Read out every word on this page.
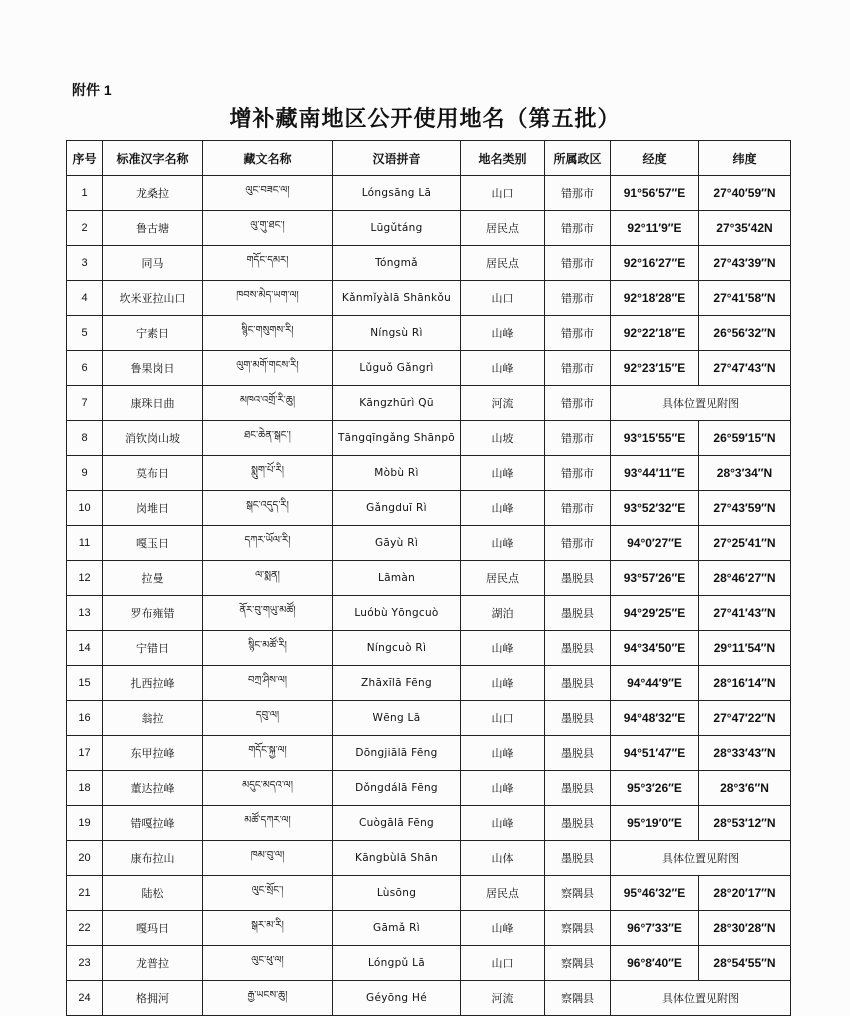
附件 1
增补藏南地区公开使用地名（第五批）
序号	标准汉字名称	藏文名称	汉语拼音	地名类别	所属政区	经度	纬度
1	龙桑拉	ལུང་བཟང་ལ།	Lóngsāng Lā	山口	错那市	91°56′57″E	27°40′59″N
2	鲁古塘	ལུ་གུ་ཐང་།	Lūgǔtáng	居民点	错那市	92°11′9″E	27°35′42N
3	同马	གདོང་དམར།	Tóngmǎ	居民点	错那市	92°16′27″E	27°43′39″N
4	坎米亚拉山口	ཁབས་མེད་ཡག་ལ།	Kǎnmǐyàlā Shānkǒu	山口	错那市	92°18′28″E	27°41′58″N
5	宁素日	སྙིང་གསུགས་རི།	Níngsù Rì	山峰	错那市	92°22′18″E	26°56′32″N
6	鲁果岗日	ལུག་མགོ་གངས་རི།	Lǔguǒ Gǎngrì	山峰	错那市	92°23′15″E	27°47′43″N
7	康珠日曲	མཁའ་འགྲོ་རི་ཆུ།	Kāngzhūrì Qū	河流	错那市	具体位置见附图	
8	消钦岗山坡	ཐང་ཆེན་སྒང་།	Tāngqīngǎng Shānpō	山坡	错那市	93°15′55″E	26°59′15″N
9	莫布日	སྨུག་པོ་རི།	Mòbù Rì	山峰	错那市	93°44′11″E	28°3′34″N
10	岗堆日	སྒང་འདུད་རི།	Gǎngduī Rì	山峰	错那市	93°52′32″E	27°43′59″N
11	嘎玉日	དཀར་ཡོལ་རི།	Gāyù Rì	山峰	错那市	94°0′27″E	27°25′41″N
12	拉曼	ལ་སྨན།	Lāmàn	居民点	墨脱县	93°57′26″E	28°46′27″N
13	罗布雍错	ནོར་བུ་གཡུ་མཚོ།	Luóbù Yōngcuò	湖泊	墨脱县	94°29′25″E	27°41′43″N
14	宁错日	སྙིང་མཚོ་རི།	Níngcuò Rì	山峰	墨脱县	94°34′50″E	29°11′54″N
15	扎西拉峰	བཀྲ་ཤིས་ལ།	Zhāxīlā Fēng	山峰	墨脱县	94°44′9″E	28°16′14″N
16	翁拉	དབུ་ལ།	Wēng Lā	山口	墨脱县	94°48′32″E	27°47′22″N
17	东甲拉峰	གདོང་སྐྱ་ལ།	Dōngjiālā Fēng	山峰	墨脱县	94°51′47″E	28°33′43″N
18	董达拉峰	མདུང་མདའ་ལ།	Dǒngdálā Fēng	山峰	墨脱县	95°3′26″E	28°3′6″N
19	错嘎拉峰	མཚོ་དཀར་ལ།	Cuògālā Fēng	山峰	墨脱县	95°19′0″E	28°53′12″N
20	康布拉山	ཁམ་བུ་ལ།	Kāngbùlā Shān	山体	墨脱县	具体位置见附图	
21	陆松	ལུང་སྲོང་།	Lùsōng	居民点	察隅县	95°46′32″E	28°20′17″N
22	嘎玛日	སྒར་མ་རི།	Gāmǎ Rì	山峰	察隅县	96°7′33″E	28°30′28″N
23	龙普拉	ལུང་ཕུ་ལ།	Lóngpǔ Lā	山口	察隅县	96°8′40″E	28°54′55″N
24	格拥河	རྒྱ་ཡངས་ཆུ།	Géyōng Hé	河流	察隅县	具体位置见附图	
